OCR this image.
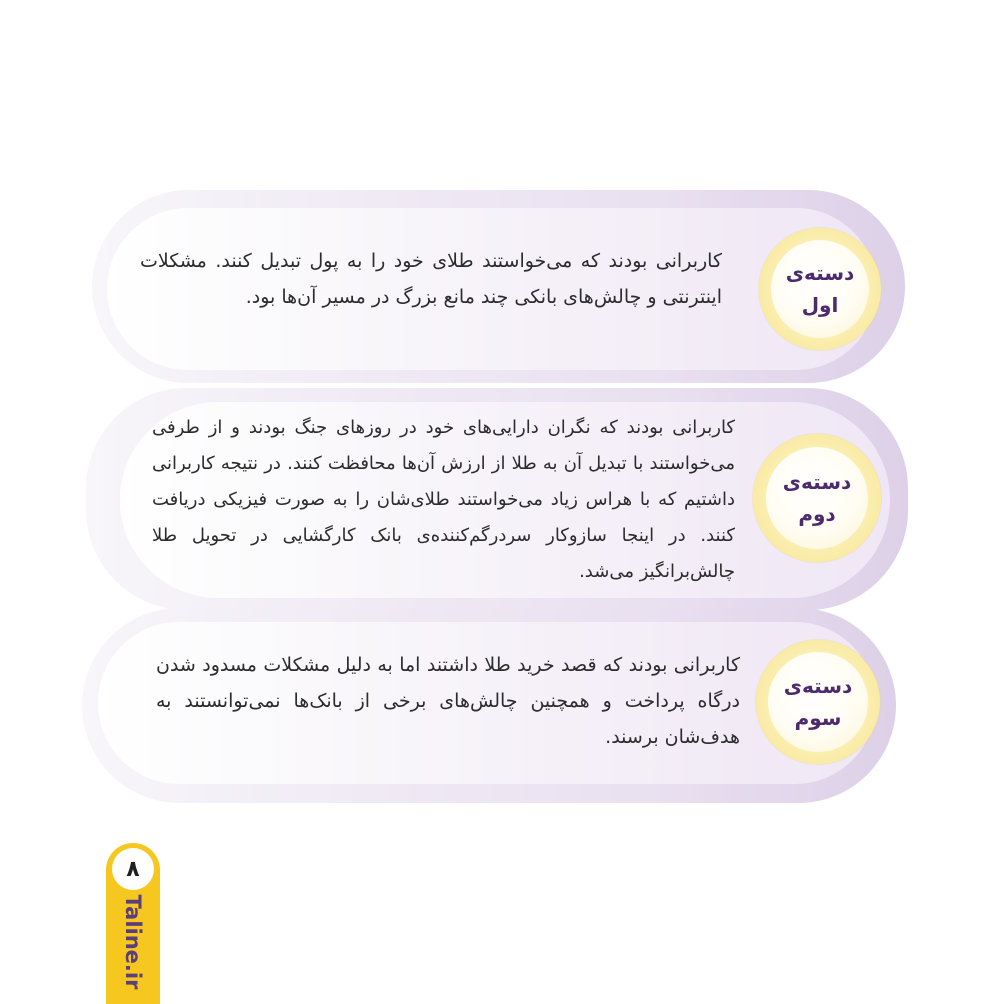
کاربرانی بودند که می‌خواستند طلای خود را به پول تبدیل کنند. مشکلات اینترنتی و چالش‌های بانکی چند مانع بزرگ در مسیر آن‌ها بود.
دسته‌ی
اول
کاربرانی بودند که نگران دارایی‌های خود در روزهای جنگ بودند و از طرفی می‌خواستند با تبدیل آن به طلا از ارزش آن‌ها محافظت کنند. در نتیجه کاربرانی داشتیم که با هراس زیاد می‌خواستند طلای‌شان را به صورت فیزیکی دریافت کنند. در اینجا سازوکار سردرگم‌کننده‌ی بانک کارگشایی در تحویل طلا چالش‌برانگیز می‌شد.
دسته‌ی
دوم
کاربرانی بودند که قصد خرید طلا داشتند اما به دلیل مشکلات مسدود شدن درگاه پرداخت و همچنین چالش‌های برخی از بانک‌ها نمی‌توانستند به هدف‌شان برسند.
دسته‌ی
سوم
۸
Taline.ir
